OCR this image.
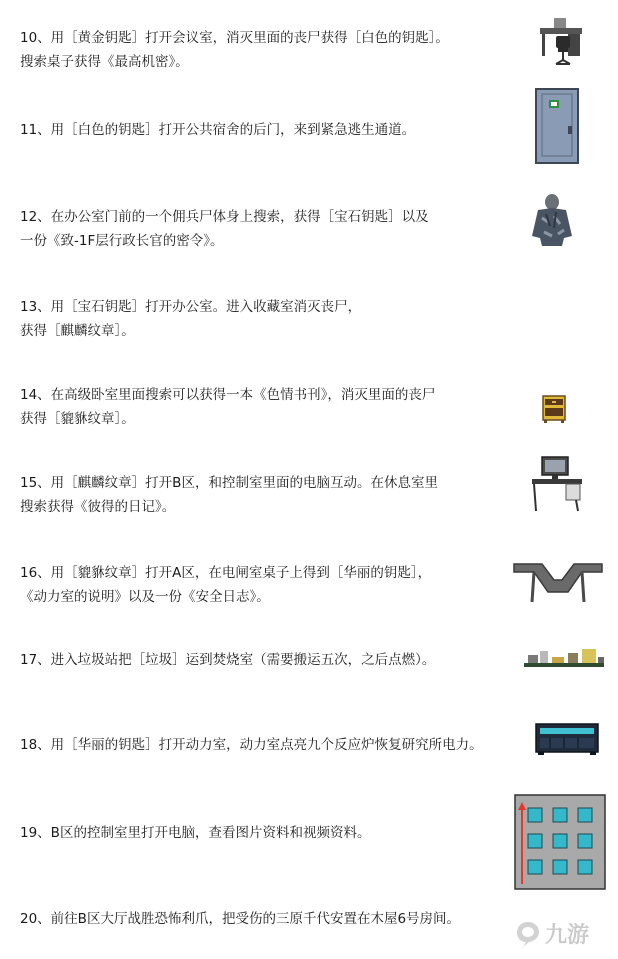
10、用［黄金钥匙］打开会议室，消灭里面的丧尸获得［白色的钥匙］。
搜索桌子获得《最高机密》。
11、用［白色的钥匙］打开公共宿舍的后门，来到紧急逃生通道。
12、在办公室门前的一个佣兵尸体身上搜索，获得［宝石钥匙］以及
一份《致-1F层行政长官的密令》。
13、用［宝石钥匙］打开办公室。进入收藏室消灭丧尸，
获得［麒麟纹章］。
14、在高级卧室里面搜索可以获得一本《色情书刊》，消灭里面的丧尸
获得［貔貅纹章］。
15、用［麒麟纹章］打开B区，和控制室里面的电脑互动。在休息室里
搜索获得《彼得的日记》。
16、用［貔貅纹章］打开A区，在电闸室桌子上得到［华丽的钥匙］，
《动力室的说明》以及一份《安全日志》。
17、进入垃圾站把［垃圾］运到焚烧室（需要搬运五次，之后点燃）。
18、用［华丽的钥匙］打开动力室，动力室点亮九个反应炉恢复研究所电力。
19、B区的控制室里打开电脑，查看图片资料和视频资料。
20、前往B区大厅战胜恐怖利爪，把受伤的三原千代安置在木屋6号房间。
九游
